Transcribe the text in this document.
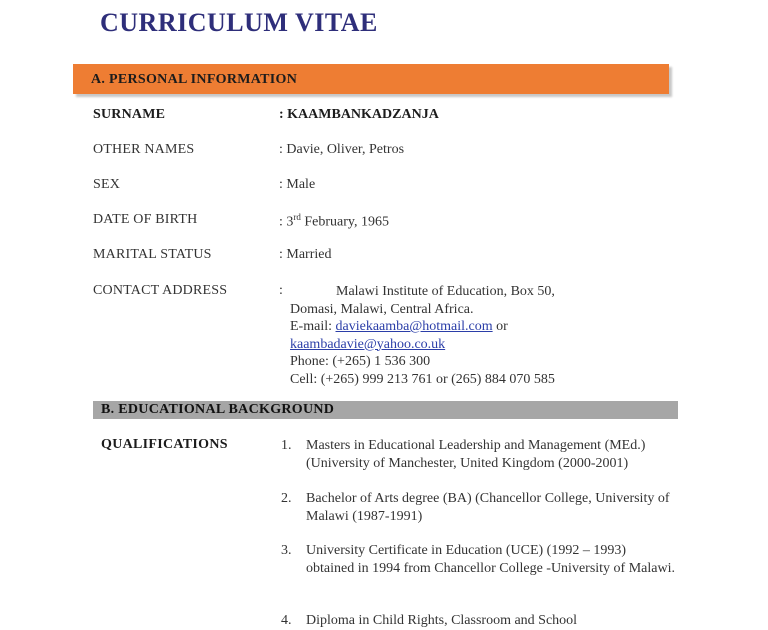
CURRICULUM VITAE
A. PERSONAL INFORMATION
SURNAME	: KAAMBANKADZANJA
OTHER NAMES	: Davie, Oliver, Petros
SEX	: Male
DATE OF BIRTH	: 3rd February, 1965
MARITAL STATUS	: Married
CONTACT ADDRESS	:	Malawi Institute of Education, Box 50,
Domasi, Malawi, Central Africa.
E-mail: daviekaamba@hotmail.com or
kaambadavie@yahoo.co.uk
Phone: (+265) 1 536 300
Cell: (+265) 999 213 761 or (265) 884 070 585
B. EDUCATIONAL BACKGROUND
QUALIFICATIONS	1. Masters in Educational Leadership and Management (MEd.) (University of Manchester, United Kingdom (2000-2001)
2. Bachelor of Arts degree (BA) (Chancellor College, University of Malawi (1987-1991)
3. University Certificate in Education (UCE) (1992 – 1993) obtained in 1994 from Chancellor College -University of Malawi.
4. Diploma in Child Rights, Classroom and School
